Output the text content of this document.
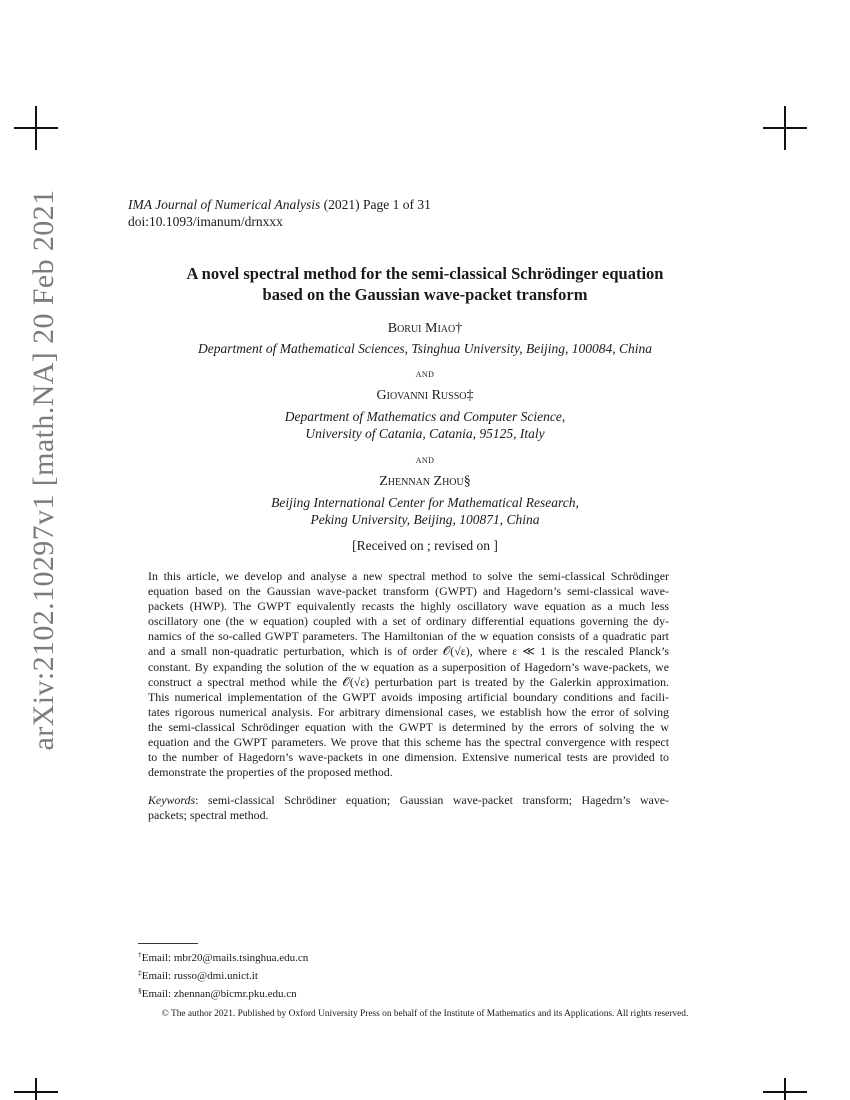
arXiv:2102.10297v1 [math.NA] 20 Feb 2021	IMA Journal of Numerical Analysis (2021) Page 1 of 31
doi:10.1093/imanum/drnxxx
A novel spectral method for the semi-classical Schrödinger equation
based on the Gaussian wave-packet transform
Borui Miao†
Department of Mathematical Sciences, Tsinghua University, Beijing, 100084, China
and
Giovanni Russo‡
Department of Mathematics and Computer Science,
University of Catania, Catania, 95125, Italy
and
Zhennan Zhou§
Beijing International Center for Mathematical Research,
Peking University, Beijing, 100871, China
[Received on ; revised on ]
In this article, we develop and analyse a new spectral method to solve the semi-classical Schrödinger
equation based on the Gaussian wave-packet transform (GWPT) and Hagedorn’s semi-classical wave-
packets (HWP). The GWPT equivalently recasts the highly oscillatory wave equation as a much less
oscillatory one (the w equation) coupled with a set of ordinary differential equations governing the dy-
namics of the so-called GWPT parameters. The Hamiltonian of the w equation consists of a quadratic part
and a small non-quadratic perturbation, which is of order 𝒪(√ε), where ε ≪ 1 is the rescaled Planck’s
constant. By expanding the solution of the w equation as a superposition of Hagedorn’s wave-packets, we
construct a spectral method while the 𝒪(√ε) perturbation part is treated by the Galerkin approximation.
This numerical implementation of the GWPT avoids imposing artificial boundary conditions and facili-
tates rigorous numerical analysis. For arbitrary dimensional cases, we establish how the error of solving
the semi-classical Schrödinger equation with the GWPT is determined by the errors of solving the w
equation and the GWPT parameters. We prove that this scheme has the spectral convergence with respect
to the number of Hagedorn’s wave-packets in one dimension. Extensive numerical tests are provided to
demonstrate the properties of the proposed method.
Keywords: semi-classical Schrödiner equation; Gaussian wave-packet transform; Hagedrn’s wave-
packets; spectral method.
†Email: mbr20@mails.tsinghua.edu.cn
‡Email: russo@dmi.unict.it
§Email: zhennan@bicmr.pku.edu.cn
© The author 2021. Published by Oxford University Press on behalf of the Institute of Mathematics and its Applications. All rights reserved.
